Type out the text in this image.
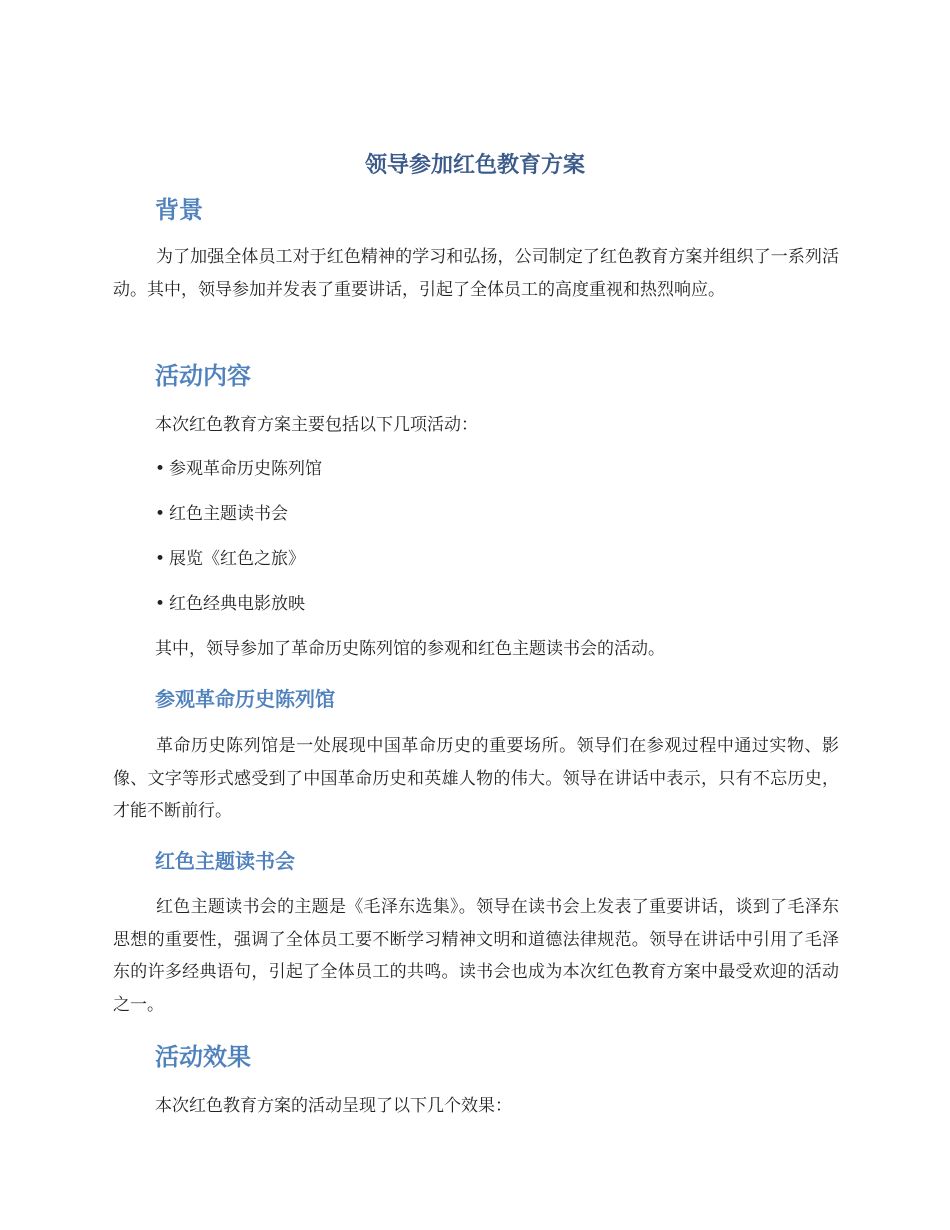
领导参加红色教育方案
背景

为了加强全体员工对于红色精神的学习和弘扬，公司制定了红色教育方案并组织了一系列活动。其中，领导参加并发表了重要讲话，引起了全体员工的高度重视和热烈响应。

活动内容
本次红色教育方案主要包括以下几项活动：
• 参观革命历史陈列馆
• 红色主题读书会
• 展览《红色之旅》
• 红色经典电影放映
其中，领导参加了革命历史陈列馆的参观和红色主题读书会的活动。
参观革命历史陈列馆

革命历史陈列馆是一处展现中国革命历史的重要场所。领导们在参观过程中通过实物、影像、文字等形式感受到了中国革命历史和英雄人物的伟大。领导在讲话中表示，只有不忘历史，才能不断前行。

红色主题读书会

红色主题读书会的主题是《毛泽东选集》。领导在读书会上发表了重要讲话，谈到了毛泽东思想的重要性，强调了全体员工要不断学习精神文明和道德法律规范。领导在讲话中引用了毛泽东的许多经典语句，引起了全体员工的共鸣。读书会也成为本次红色教育方案中最受欢迎的活动之一。

活动效果
本次红色教育方案的活动呈现了以下几个效果：
